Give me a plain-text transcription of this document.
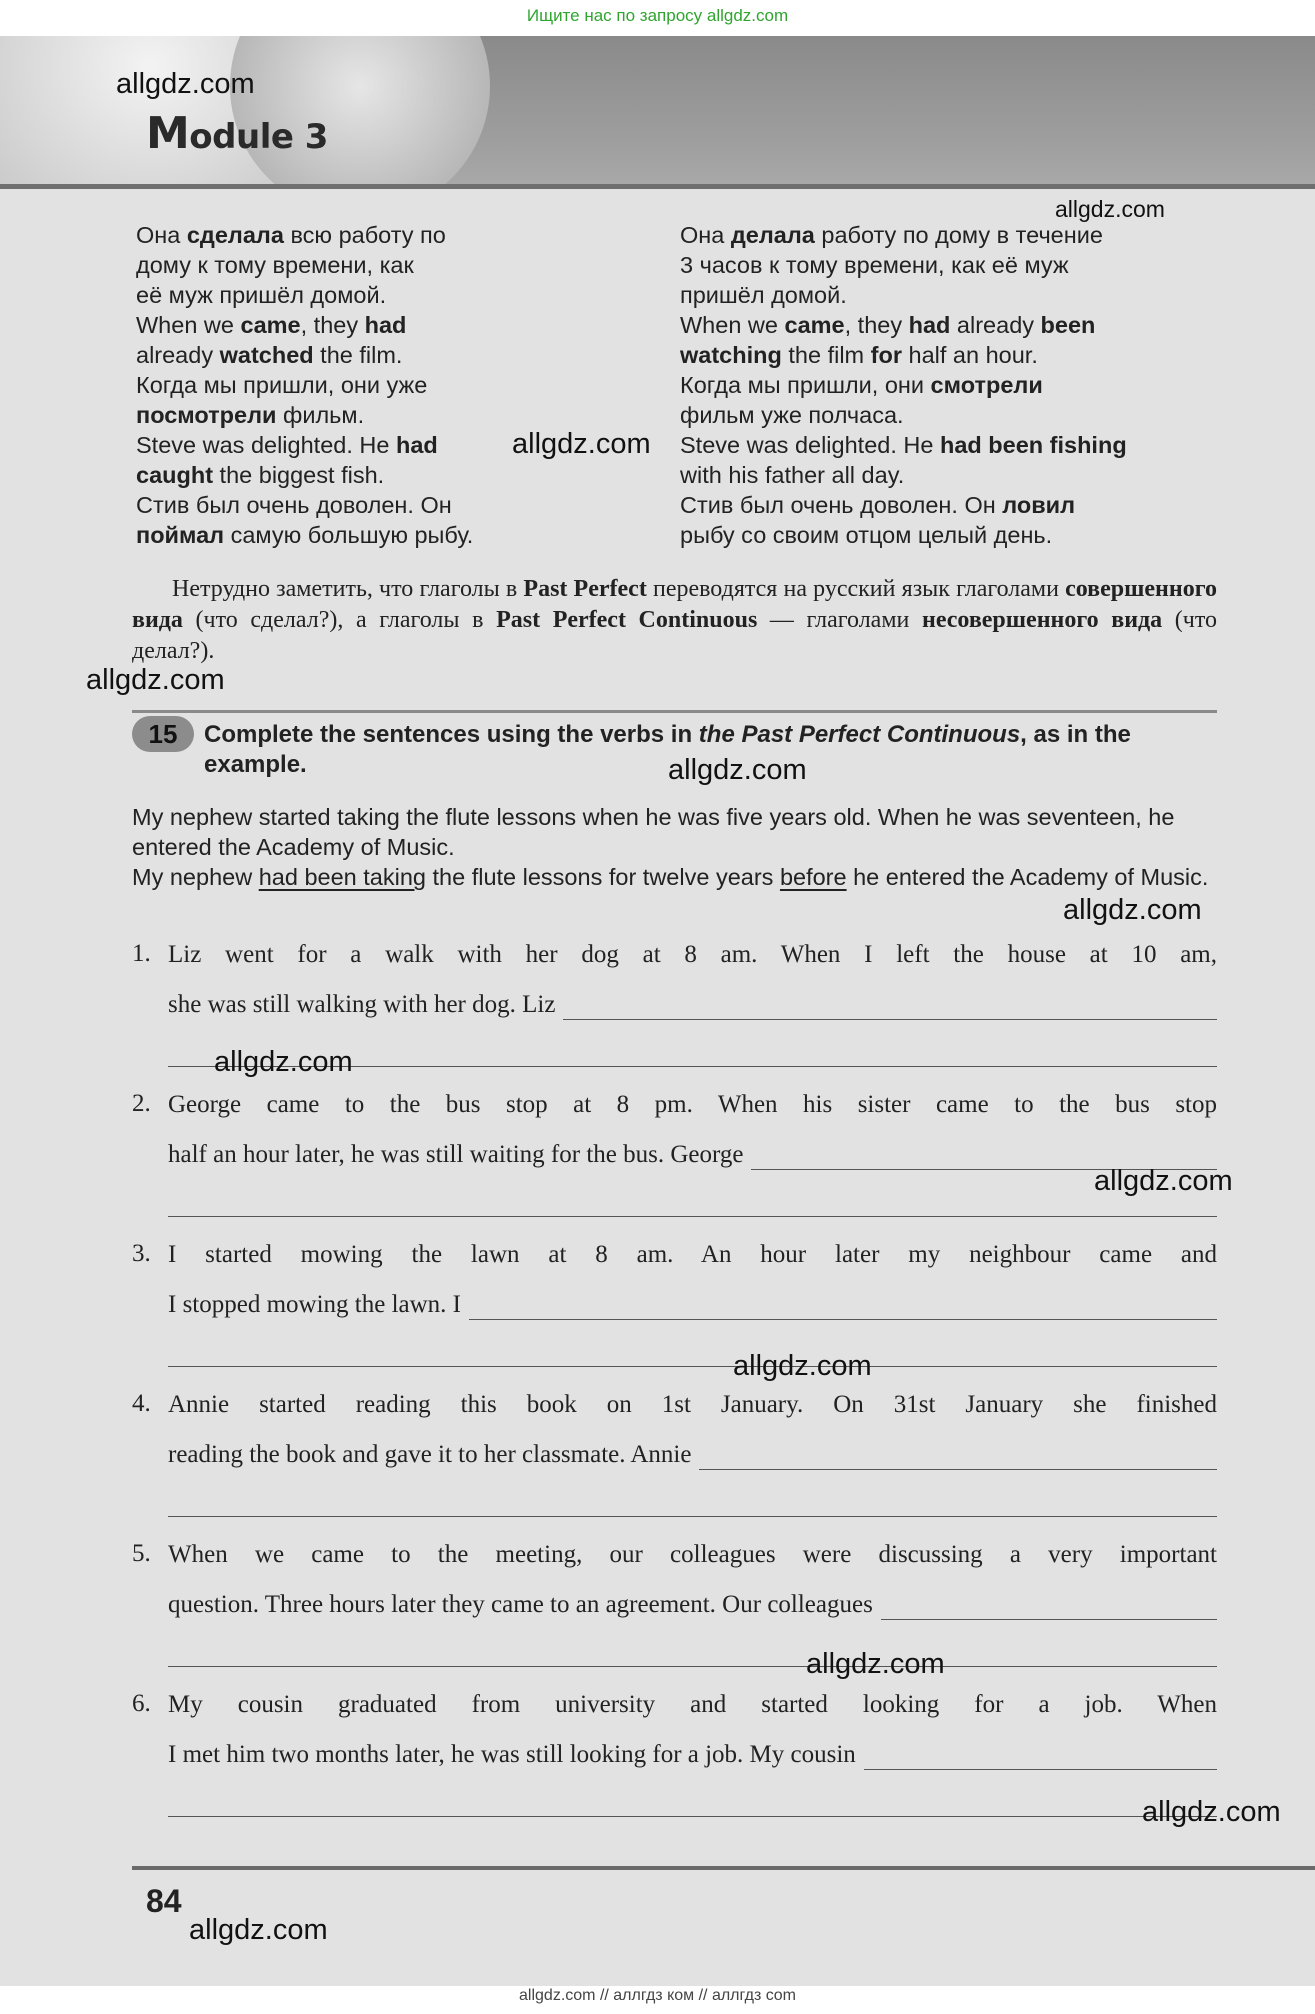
Ищите нас по запросу allgdz.com
Module 3

Она сделала всю работу по

дому к тому времени, как

её муж пришёл домой.

When we came, they had

already watched the film.

Когда мы пришли, они уже

посмотрели фильм.

Steve was delighted. He had

caught the biggest fish.

Стив был очень доволен. Он

поймал самую большую рыбу.

Она делала работу по дому в течение

3 часов к тому времени, как её муж

пришёл домой.

When we came, they had already been

watching the film for half an hour.

Когда мы пришли, они смотрели

фильм уже полчаса.

Steve was delighted. He had been fishing

with his father all day.

Стив был очень доволен. Он ловил

рыбу со своим отцом целый день.

Нетрудно заметить, что глаголы в Past Perfect переводятся на русский язык глаголами совершенного вида (что сделал?), а глаголы в Past Perfect Continuous — глаголами несовершенного вида (что делал?).

15	Complete the sentences using the verbs in the Past Perfect Continuous, as in the example.

My nephew started taking the flute lessons when he was five years old. When he was seventeen, he entered the Academy of Music.

My nephew had been taking the flute lessons for twelve years before he entered the Academy of Music.

1. Liz went for a walk with her dog at 8 am. When I left the house at 10 am,
she was still walking with her dog. Liz
2. George came to the bus stop at 8 pm. When his sister came to the bus stop
half an hour later, he was still waiting for the bus. George
3. I started mowing the lawn at 8 am. An hour later my neighbour came and
I stopped mowing the lawn. I
4. Annie started reading this book on 1st January. On 31st January she finished
reading the book and gave it to her classmate. Annie
5. When we came to the meeting, our colleagues were discussing a very important
question. Three hours later they came to an agreement. Our colleagues
6. My cousin graduated from university and started looking for a job. When
I met him two months later, he was still looking for a job. My cousin
84
allgdz.com
allgdz.com
allgdz.com
allgdz.com
allgdz.com
allgdz.com
allgdz.com
allgdz.com
allgdz.com
allgdz.com
allgdz.com
allgdz.com
allgdz.com // аллгдз ком // аллгдз com
